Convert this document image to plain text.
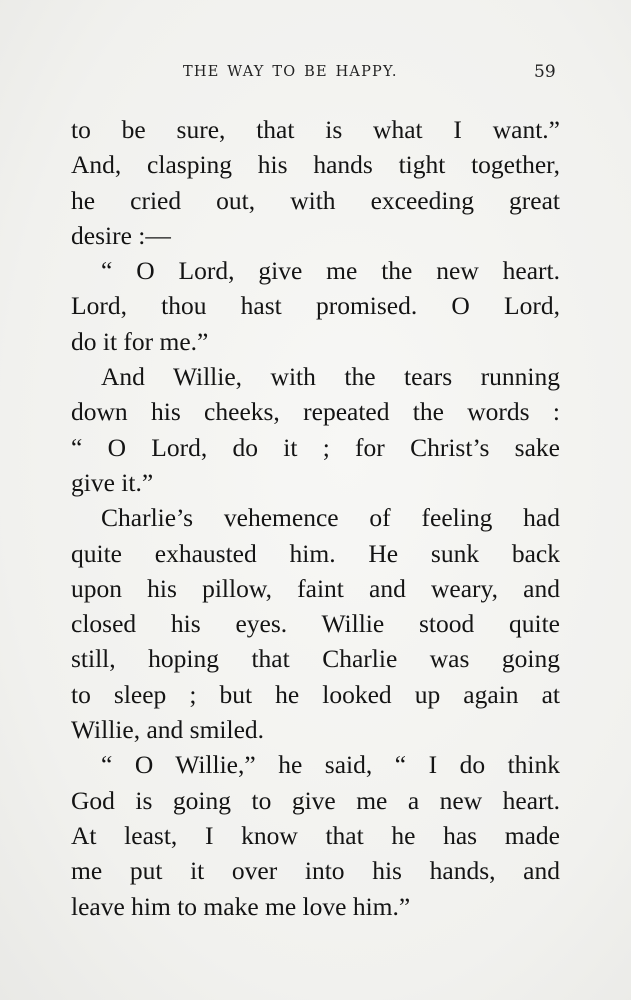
THE WAY TO BE HAPPY.	59
to be sure, that is what I want.”
And, clasping his hands tight together,
he cried out, with exceeding great
desire :—
“ O Lord, give me the new heart.
Lord, thou hast promised. O Lord,
do it for me.”
And Willie, with the tears running
down his cheeks, repeated the words :
“ O Lord, do it ; for Christ’s sake
give it.”
Charlie’s vehemence of feeling had
quite exhausted him. He sunk back
upon his pillow, faint and weary, and
closed his eyes. Willie stood quite
still, hoping that Charlie was going
to sleep ; but he looked up again at
Willie, and smiled.
“ O Willie,” he said, “ I do think
God is going to give me a new heart.
At least, I know that he has made
me put it over into his hands, and
leave him to make me love him.”
